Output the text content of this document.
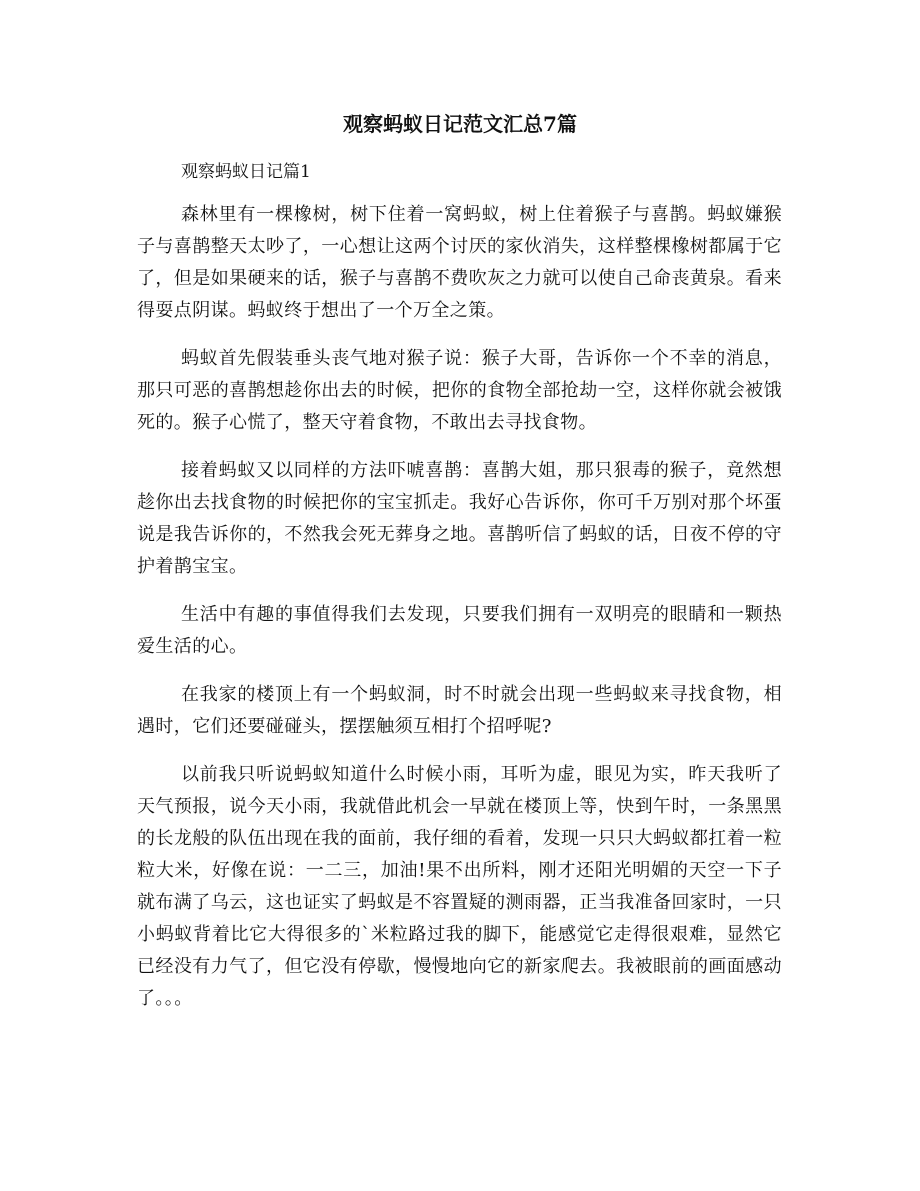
观察蚂蚁日记范文汇总7篇
观察蚂蚁日记篇1

森林里有一棵橡树，树下住着一窝蚂蚁，树上住着猴子与喜鹊。蚂蚁嫌猴子与喜鹊整天太吵了，一心想让这两个讨厌的家伙消失，这样整棵橡树都属于它了，但是如果硬来的话，猴子与喜鹊不费吹灰之力就可以使自己命丧黄泉。看来得耍点阴谋。蚂蚁终于想出了一个万全之策。

蚂蚁首先假装垂头丧气地对猴子说：猴子大哥，告诉你一个不幸的消息，那只可恶的喜鹊想趁你出去的时候，把你的食物全部抢劫一空，这样你就会被饿死的。猴子心慌了，整天守着食物，不敢出去寻找食物。

接着蚂蚁又以同样的方法吓唬喜鹊：喜鹊大姐，那只狠毒的猴子，竟然想趁你出去找食物的时候把你的宝宝抓走。我好心告诉你，你可千万别对那个坏蛋说是我告诉你的，不然我会死无葬身之地。喜鹊听信了蚂蚁的话，日夜不停的守护着鹊宝宝。

生活中有趣的事值得我们去发现，只要我们拥有一双明亮的眼睛和一颗热爱生活的心。

在我家的楼顶上有一个蚂蚁洞，时不时就会出现一些蚂蚁来寻找食物，相遇时，它们还要碰碰头，摆摆触须互相打个招呼呢?

以前我只听说蚂蚁知道什么时候小雨，耳听为虚，眼见为实，昨天我听了天气预报，说今天小雨，我就借此机会一早就在楼顶上等，快到午时，一条黑黑的长龙般的队伍出现在我的面前，我仔细的看着，发现一只只大蚂蚁都扛着一粒粒大米，好像在说：一二三，加油!果不出所料，刚才还阳光明媚的天空一下子就布满了乌云，这也证实了蚂蚁是不容置疑的测雨器，正当我准备回家时，一只小蚂蚁背着比它大得很多的`米粒路过我的脚下，能感觉它走得很艰难，显然它已经没有力气了，但它没有停歇，慢慢地向它的新家爬去。我被眼前的画面感动了。。。
